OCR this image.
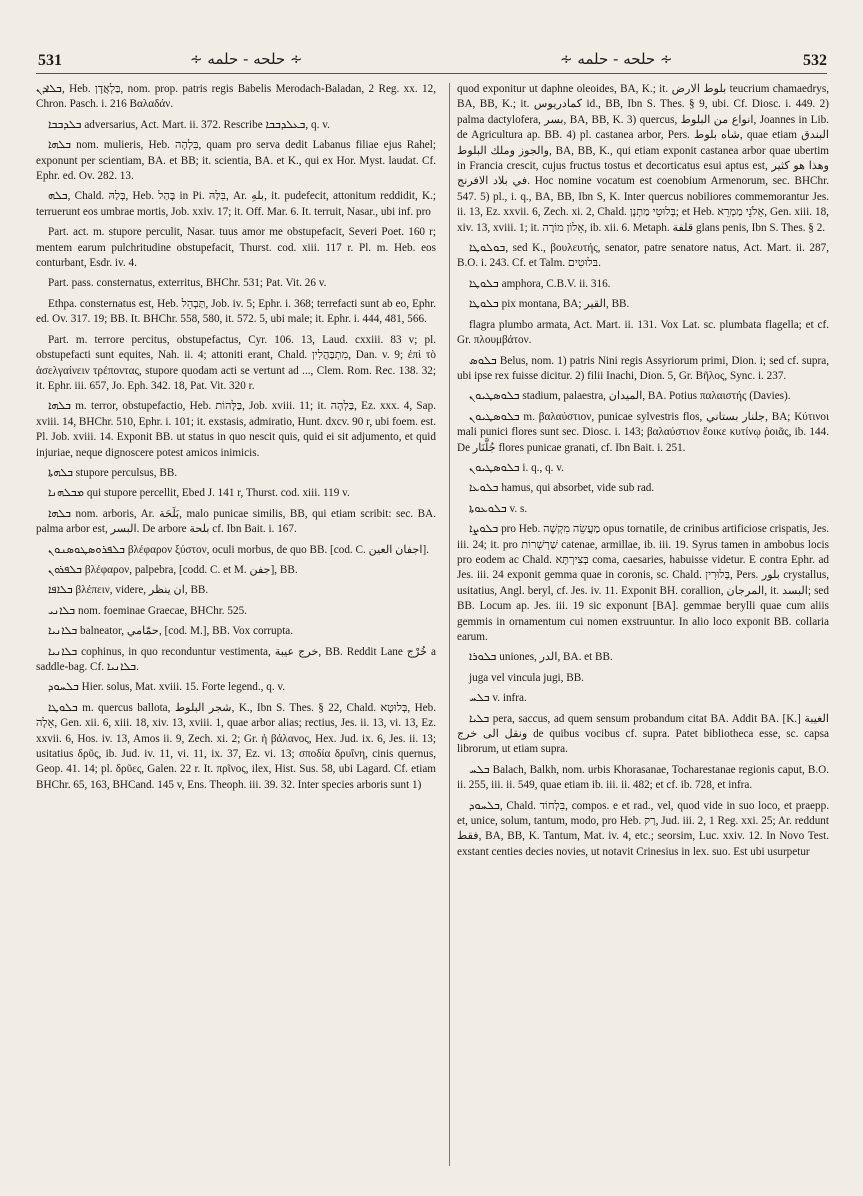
531	∻ حلحه - حلمه ∻	∻ حلحه - حلمه ∻	532

ܒܠܐܕܢ, Heb. בַּלְאֲדָן, nom. prop. patris regis Babelis Merodach-Baladan, 2 Reg. xx. 12, Chron. Pasch. i. 216 Βαλαδάν.

ܒܠܕܒܒܐ adversarius, Act. Mart. ii. 372. Rescribe ܒܥܠܕܒܒܐ, q. v.

ܒܠܗܐ nom. mulieris, Heb. בִּלְהָה, quam pro serva dedit Labanus filiae ejus Rahel; exponunt per scientiam, BA. et BB; it. scientia, BA. et K., qui ex Hor. Myst. laudat. Cf. Ephr. ed. Ov. 282. 13.

ܒܠܗ, Chald. בְּלַהּ, Heb. בָּהַל in Pi. בִּלַּהּ, Ar. بلهِ, it. pudefecit, attonitum reddidit, K.; terruerunt eos umbrae mortis, Job. xxiv. 17; it. Off. Mar. 6. It. terruit, Nasar., ubi inf. pro

Part. act. m. stupore perculit, Nasar. tuus amor me obstupefacit, Severi Poet. 160 r; mentem earum pulchritudine obstupefacit, Thurst. cod. xiii. 117 r. Pl. m. Heb. eos conturbant, Esdr. iv. 4.

Part. pass. consternatus, exterritus, BHChr. 531; Pat. Vit. 26 v.

Ethpa. consternatus est, Heb. תַּבְהֵל, Job. iv. 5; Ephr. i. 368; terrefacti sunt ab eo, Ephr. ed. Ov. 317. 19; BB. It. BHChr. 558, 580, it. 572. 5, ubi male; it. Ephr. i. 444, 481, 566.

Part. m. terrore percitus, obstupefactus, Cyr. 106. 13, Laud. cxxiii. 83 v; pl. obstupefacti sunt equites, Nah. ii. 4; attoniti erant, Chald. מִתְבַּהֲלִין, Dan. v. 9; ἐπὶ τὸ ἀσελγαίνειν τρέποντας, stupore quodam acti se vertunt ad ..., Clem. Rom. Rec. 138. 32; it. Ephr. iii. 657, Jo. Eph. 342. 18, Pat. Vit. 320 r.

ܒܠܗܐ m. terror, obstupefactio, Heb. בַּלָּהוֹת, Job. xviii. 11; it. בַּלְהָה, Ez. xxx. 4, Sap. xviii. 14, BHChr. 510, Ephr. i. 101; it. exstasis, admiratio, Hunt. dxcv. 90 r, ubi foem. est. Pl. Job. xviii. 14. Exponit BB. ut status in quo nescit quis, quid ei sit adjumento, et quid injuriae, neque dignoscere potest amicos inimicis.

ܒܠܗܬܐ stupore perculsus, BB.

ܡܒܠܗܢܐ qui stupore percellit, Ebed J. 141 r, Thurst. cod. xiii. 119 v.

ܒܠܗܐ nom. arboris, Ar. بَلَحَة, malo punicae similis, BB, qui etiam scribit: sec. BA. palma arbor est, البسر. De arbore بلحة cf. Ibn Bait. i. 167.

ܒܠܦܪܘܣܛܘܣܢܘܢ βλέφαρον ξύστον, oculi morbus, de quo BB. [cod. C. اجفان العين].

ܒܠܦܪܘܢ βλέφαρον, palpebra, [codd. C. et M. جفن], BB.

ܒܠܐܦܐ βλέπειν, videre, ان ينظر, BB.

ܒܠܐܢܝ nom. foeminae Graecae, BHChr. 525.

ܒܠܐܢܝܐ balneator, حمّامي, [cod. M.], BB. Vox corrupta.

ܒܠܐܢܝܐ cophinus, in quo reconduntur vestimenta, خرج عيبة, BB. Reddit Lane خُرْج a saddle-bag. Cf. ܒܠܐܢܝܐ.

ܒܠܚܘܕ Hier. solus, Mat. xviii. 15. Forte legend., q. v.

ܒܠܘܛܐ m. quercus ballota, شجر البلوط, K., Ibn S. Thes. § 22, Chald. בְּלוּטָא, Heb. אֵלָה, Gen. xii. 6, xiii. 18, xiv. 13, xviii. 1, quae arbor alias; rectius, Jes. ii. 13, vi. 13, Ez. xxvii. 6, Hos. iv. 13, Amos ii. 9, Zech. xi. 2; Gr. ἡ βάλανος, Hex. Jud. ix. 6, Jes. ii. 13; usitatius δρῦς, ib. Jud. iv. 11, vi. 11, ix. 37, Ez. vi. 13; σποδία δρυΐνη, cinis quernus, Geop. 41. 14; pl. δρῦες, Galen. 22 r. It. πρῖνος, ilex, Hist. Sus. 58, ubi Lagard. Cf. etiam BHChr. 65, 163, BHCand. 145 v, Ens. Theoph. iii. 39. 32. Inter species arboris sunt 1)

quod exponitur ut daphne oleoides, BA, K.; it. بلوط الارض teucrium chamaedrys, BA, BB, K.; it. كمادريوس id., BB, Ibn S. Thes. § 9, ubi. Cf. Diosc. i. 449. 2) palma dactylofera, بسر, BA, BB, K. 3) quercus, انواع من البلوط, Joannes in Lib. de Agricultura ap. BB. 4) pl. castanea arbor, Pers. شاه بلوط, quae etiam البندق والجوز وملك البلوط, BA, BB, K., qui etiam exponit castanea arbor quae ubertim in Francia crescit, cujus fructus tostus et decorticatus esui aptus est, وهذا هو كثير في بلاد الافرنج. Hoc nomine vocatum est coenobium Armenorum, sec. BHChr. 547. 5) pl., i. q., BA, BB, Ibn S, K. Inter quercus nobiliores commemorantur Jes. ii. 13, Ez. xxvii. 6, Zech. xi. 2, Chald. בְּלוּטֵי מַתְנָן; et Heb. אֵלֹנֵי מַמְרֵא, Gen. xiii. 18, xiv. 13, xviii. 1; it. אֵלוֹן מוֹרֶה, ib. xii. 6. Metaph. قلفة glans penis, Ibn S. Thes. § 2.

ܒܘܠܘܛܐ, sed K., βουλευτής, senator, patre senatore natus, Act. Mart. ii. 287, B.O. i. 243. Cf. et Talm. בּלוּטִים.

ܒܠܘܛܐ amphora, C.B.V. ii. 316.

ܒܠܘܛܐ pix montana, BA; القير, BB.

flagra plumbo armata, Act. Mart. ii. 131. Vox Lat. sc. plumbata flagella; et cf. Gr. πλουμβάτον.

ܒܠܘܣ Belus, nom. 1) patris Nini regis Assyriorum primi, Dion. i; sed cf. supra, ubi ipse rex fuisse dicitur. 2) filii Inachi, Dion. 5, Gr. Βῆλος, Sync. i. 237.

ܒܠܘܣܛܝܘܢ stadium, palaestra, الميدان, BA. Potius παλαιστής (Davies).

ܒܠܘܣܛܝܘܢ m. βαλαύστιον, punicae sylvestris flos, جلنار بستاني, BA; Κύτινοι mali punici flores sunt sec. Diosc. i. 143; βαλαύστιον ἔοικε κυτίνῳ ῥοιᾶς, ib. 144. De جُلَّنَار flores punicae granati, cf. Ibn Bait. i. 251.

ܒܠܘܣܛܝܘܢ i. q., q. v.

ܒܠܘܥܐ hamus, qui absorbet, vide sub rad.

ܒܠܘܥܘܬܐ v. s.

ܒܠܘܨܐ pro Heb. מַעֲשֵׂה מִקְשָׁה opus tornatile, de crinibus artificiose crispatis, Jes. iii. 24; it. pro שַׁרְשְׁרוֹת catenae, armillae, ib. iii. 19. Syrus tamen in ambobus locis pro eodem ac Chald. בְּצִירְתָּא coma, caesaries, habuisse videtur. E contra Ephr. ad Jes. iii. 24 exponit gemma quae in coronis, sc. Chald. בְּלוּרִין, Pers. بلور crystallus, usitatius, Angl. beryl, cf. Jes. iv. 11. Exponit BH. corallion, المرجان, it. البسد; sed BB. Locum ap. Jes. iii. 19 sic exponunt [BA]. gemmae berylli quae cum aliis gemmis in ornamentum cui nomen exstruuntur. In alio loco exponit BB. collaria earum.

ܒܠܘܪܐ uniones, الدر, BA. et BB.

juga vel vincula jugi, BB.

ܒܠܚ v. infra.

ܒܠܝܐ pera, saccus, ad quem sensum probandum citat BA. Addit BA. [K.] الغيبة ونقل الى خرج de quibus vocibus cf. supra. Patet bibliotheca esse, sc. capsa librorum, ut etiam supra.

ܒܠܚ Balach, Balkh, nom. urbis Khorasanae, Tocharestanae regionis caput, B.O. ii. 255, iii. ii. 549, quae etiam ib. iii. ii. 482; et cf. ib. 728, et infra.

ܒܠܚܘܕ, Chald. בִּלְחוֹד, compos. e et rad., vel, quod vide in suo loco, et praepp. et, unice, solum, tantum, modo, pro Heb. רַק, Jud. iii. 2, 1 Reg. xxi. 25; Ar. reddunt فقط, BA, BB, K. Tantum, Mat. iv. 4, etc.; seorsim, Luc. xxiv. 12. In Novo Test. exstant centies decies novies, ut notavit Crinesius in lex. suo. Est ubi usurpetur
